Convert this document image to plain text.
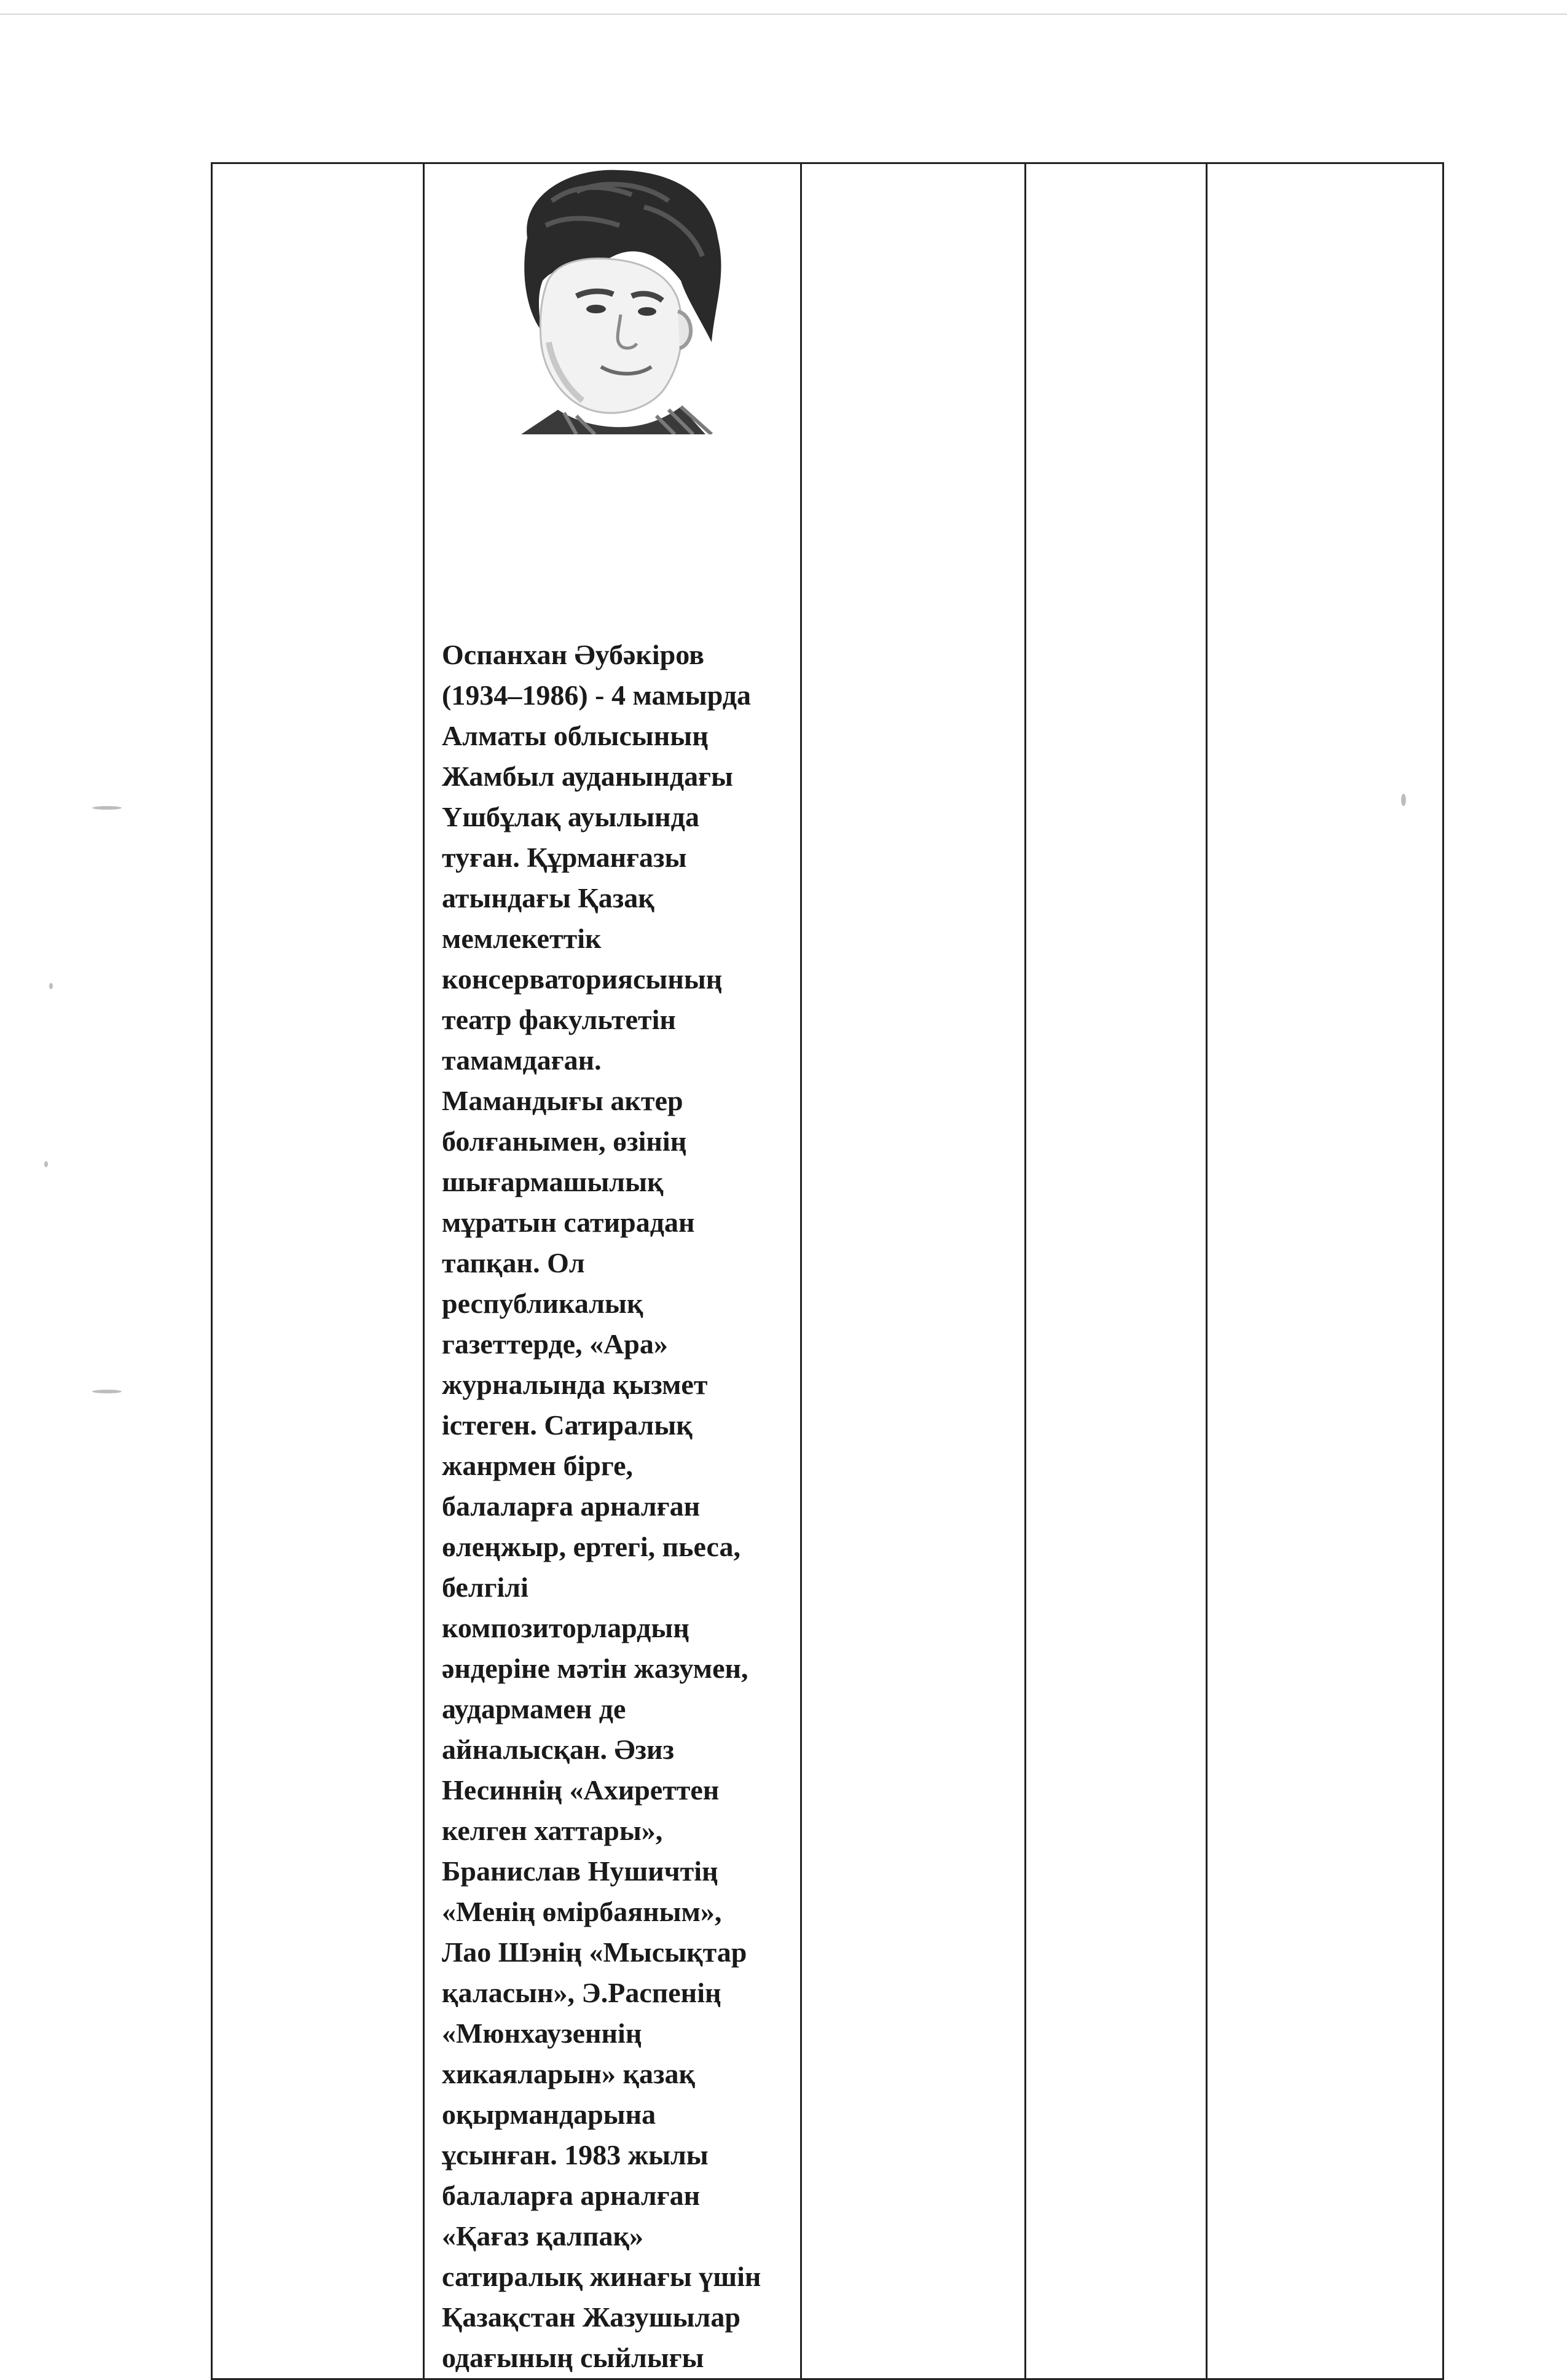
Оспанхан Әубәкіров
(1934–1986) - 4 мамырда
Алматы облысының
Жамбыл ауданындағы
Үшбұлақ ауылында
туған. Құрманғазы
атындағы Қазақ
мемлекеттік
консерваториясының
театр факультетін
тамамдаған.
Мамандығы актер
болғанымен, өзінің
шығармашылық
мұратын сатирадан
тапқан. Ол
республикалық
газеттерде, «Ара»
журналында қызмет
істеген. Сатиралық
жанрмен бірге,
балаларға арналған
өлеңжыр, ертегі, пьеса,
белгілі
композиторлардың
әндеріне мәтін жазумен,
аудармамен де
айналысқан. Әзиз
Несиннің «Ахиреттен
келген хаттары»,
Бранислав Нушичтің
«Менің өмірбаяным»,
Лао Шэнің «Мысықтар
қаласын», Э.Распенің
«Мюнхаузеннің
хикаяларын» қазақ
оқырмандарына
ұсынған. 1983 жылы
балаларға арналған
«Қағаз қалпақ»
сатиралық жинағы үшін
Қазақстан Жазушылар
одағының сыйлығы
